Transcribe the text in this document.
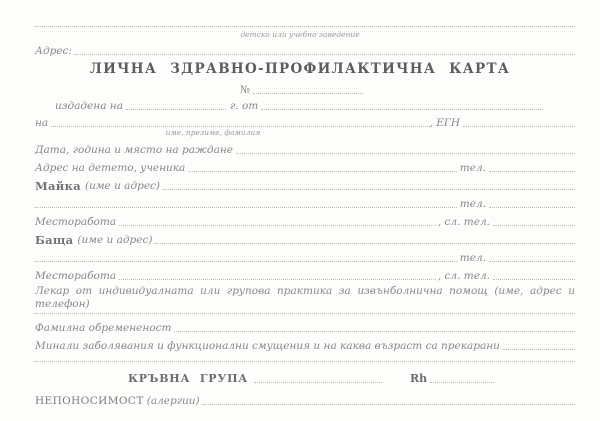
детско или учебно заведение
Адрес:
ЛИЧНА ЗДРАВНО-ПРОФИЛАКТИЧНА КАРТА
№
издадена на	г. от
на	, ЕГН
име, презиме, фамилия
Дата, година и място на раждане
Адрес на детето, ученика	тел.
Майка (име и адрес)
тел.
Месторабота	, сл. тел.
Баща (име и адрес)
тел.
Месторабота	, сл. тел.
Лекар от индивидуалната или групова практика за извънболнична помощ (име, адрес и телефон)
Фамилна обремененост
Минали заболявания и функционални смущения и на каква възраст са прекарани
КРЪВНА ГРУПА	Rh
НЕПОНОСИМОСТ (алергии)
